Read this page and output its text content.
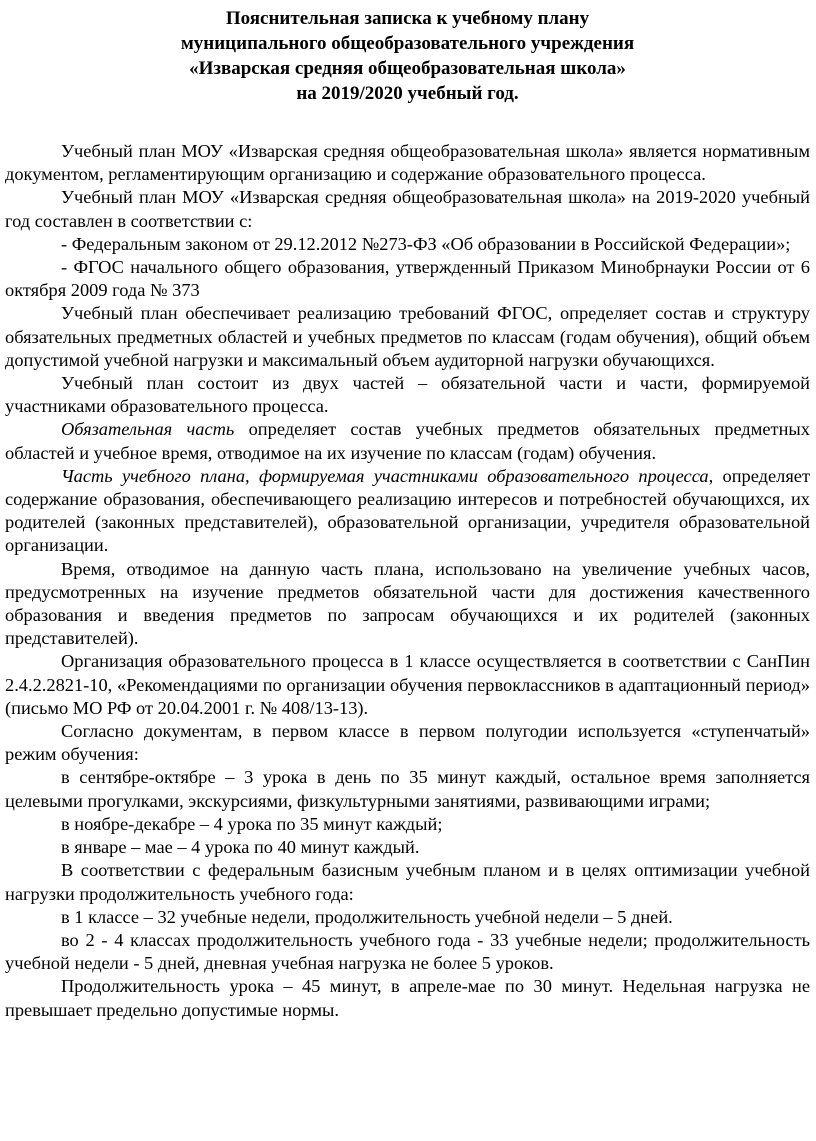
Пояснительная записка к учебному плану
муниципального общеобразовательного учреждения
«Изварская средняя общеобразовательная школа»
на 2019/2020 учебный год.

Учебный план МОУ «Изварская средняя общеобразовательная школа» является нормативным документом, регламентирующим организацию и содержание образовательного процесса.

Учебный план МОУ «Изварская средняя общеобразовательная школа» на 2019-2020 учебный год составлен в соответствии с:

- Федеральным законом от 29.12.2012 №273-ФЗ «Об образовании в Российской Федерации»;

- ФГОС начального общего образования, утвержденный Приказом Минобрнауки России от 6 октября 2009 года № 373

Учебный план обеспечивает реализацию требований ФГОС, определяет состав и структуру обязательных предметных областей и учебных предметов по классам (годам обучения), общий объем допустимой учебной нагрузки и максимальный объем аудиторной нагрузки обучающихся.

Учебный план состоит из двух частей – обязательной части и части, формируемой участниками образовательного процесса.

Обязательная часть определяет состав учебных предметов обязательных предметных областей и учебное время, отводимое на их изучение по классам (годам) обучения.

Часть учебного плана, формируемая участниками образовательного процесса, определяет содержание образования, обеспечивающего реализацию интересов и потребностей обучающихся, их родителей (законных представителей), образовательной организации, учредителя образовательной организации.

Время, отводимое на данную часть плана, использовано на увеличение учебных часов, предусмотренных на изучение предметов обязательной части для достижения качественного образования и введения предметов по запросам обучающихся и их родителей (законных представителей).

Организация образовательного процесса в 1 классе осуществляется в соответствии с СанПин 2.4.2.2821-10, «Рекомендациями по организации обучения первоклассников в адаптационный период» (письмо МО РФ от 20.04.2001 г. № 408/13-13).

Согласно документам, в первом классе в первом полугодии используется «ступенчатый» режим обучения:

в сентябре-октябре – 3 урока в день по 35 минут каждый, остальное время заполняется целевыми прогулками, экскурсиями, физкультурными занятиями, развивающими играми;

в ноябре-декабре – 4 урока по 35 минут каждый;

в январе – мае – 4 урока по 40 минут каждый.

В соответствии с федеральным базисным учебным планом и в целях оптимизации учебной нагрузки продолжительность учебного года:

в 1 классе – 32 учебные недели, продолжительность учебной недели – 5 дней.

во 2 - 4 классах продолжительность учебного года - 33 учебные недели; продолжительность учебной недели - 5 дней, дневная учебная нагрузка не более 5 уроков.

Продолжительность урока – 45 минут, в апреле-мае по 30 минут. Недельная нагрузка не превышает предельно допустимые нормы.
